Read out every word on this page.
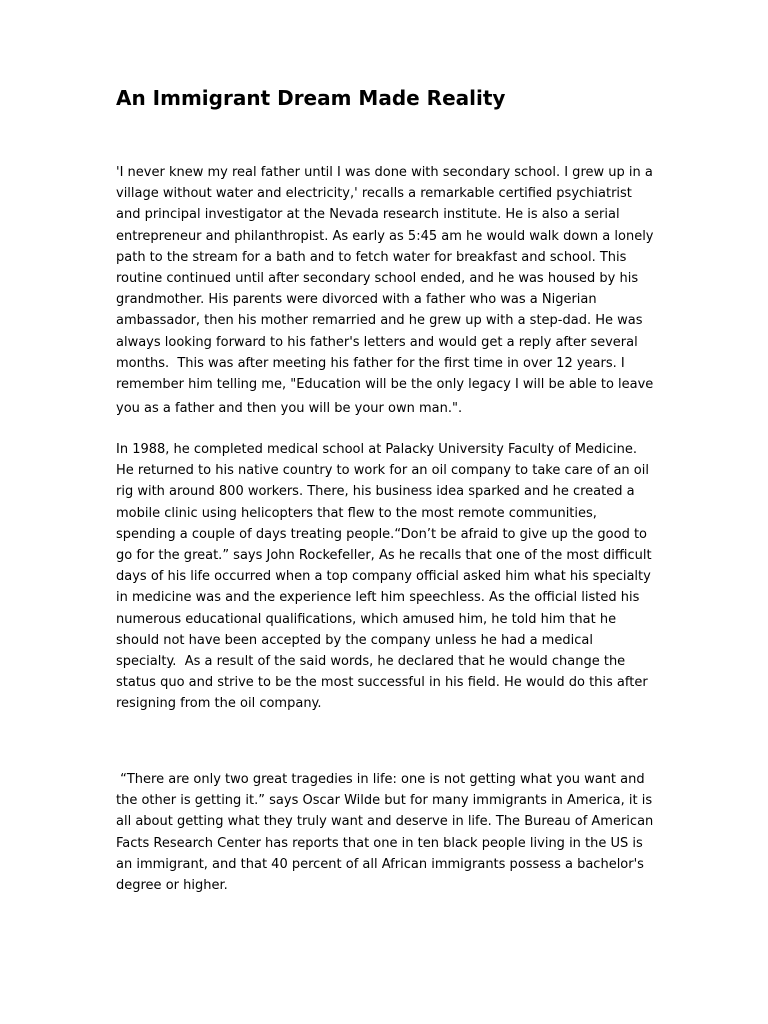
An Immigrant Dream Made Reality

'I never knew my real father until I was done with secondary school. I grew up in a
village without water and electricity,' recalls a remarkable certified psychiatrist
and principal investigator at the Nevada research institute. He is also a serial
entrepreneur and philanthropist. As early as 5:45 am he would walk down a lonely
path to the stream for a bath and to fetch water for breakfast and school. This
routine continued until after secondary school ended, and he was housed by his
grandmother. His parents were divorced with a father who was a Nigerian
ambassador, then his mother remarried and he grew up with a step-dad. He was
always looking forward to his father's letters and would get a reply after several
months.  This was after meeting his father for the first time in over 12 years. I
remember him telling me, "Education will be the only legacy I will be able to leave
you as a father and then you will be your own man.".

In 1988, he completed medical school at Palacky University Faculty of Medicine.
He returned to his native country to work for an oil company to take care of an oil
rig with around 800 workers. There, his business idea sparked and he created a
mobile clinic using helicopters that flew to the most remote communities,
spending a couple of days treating people.“Don’t be afraid to give up the good to
go for the great.” says John Rockefeller, As he recalls that one of the most difficult
days of his life occurred when a top company official asked him what his specialty
in medicine was and the experience left him speechless. As the official listed his
numerous educational qualifications, which amused him, he told him that he
should not have been accepted by the company unless he had a medical
specialty.  As a result of the said words, he declared that he would change the
status quo and strive to be the most successful in his field. He would do this after
resigning from the oil company.

“There are only two great tragedies in life: one is not getting what you want and
the other is getting it.” says Oscar Wilde but for many immigrants in America, it is
all about getting what they truly want and deserve in life. The Bureau of American
Facts Research Center has reports that one in ten black people living in the US is
an immigrant, and that 40 percent of all African immigrants possess a bachelor's
degree or higher.
